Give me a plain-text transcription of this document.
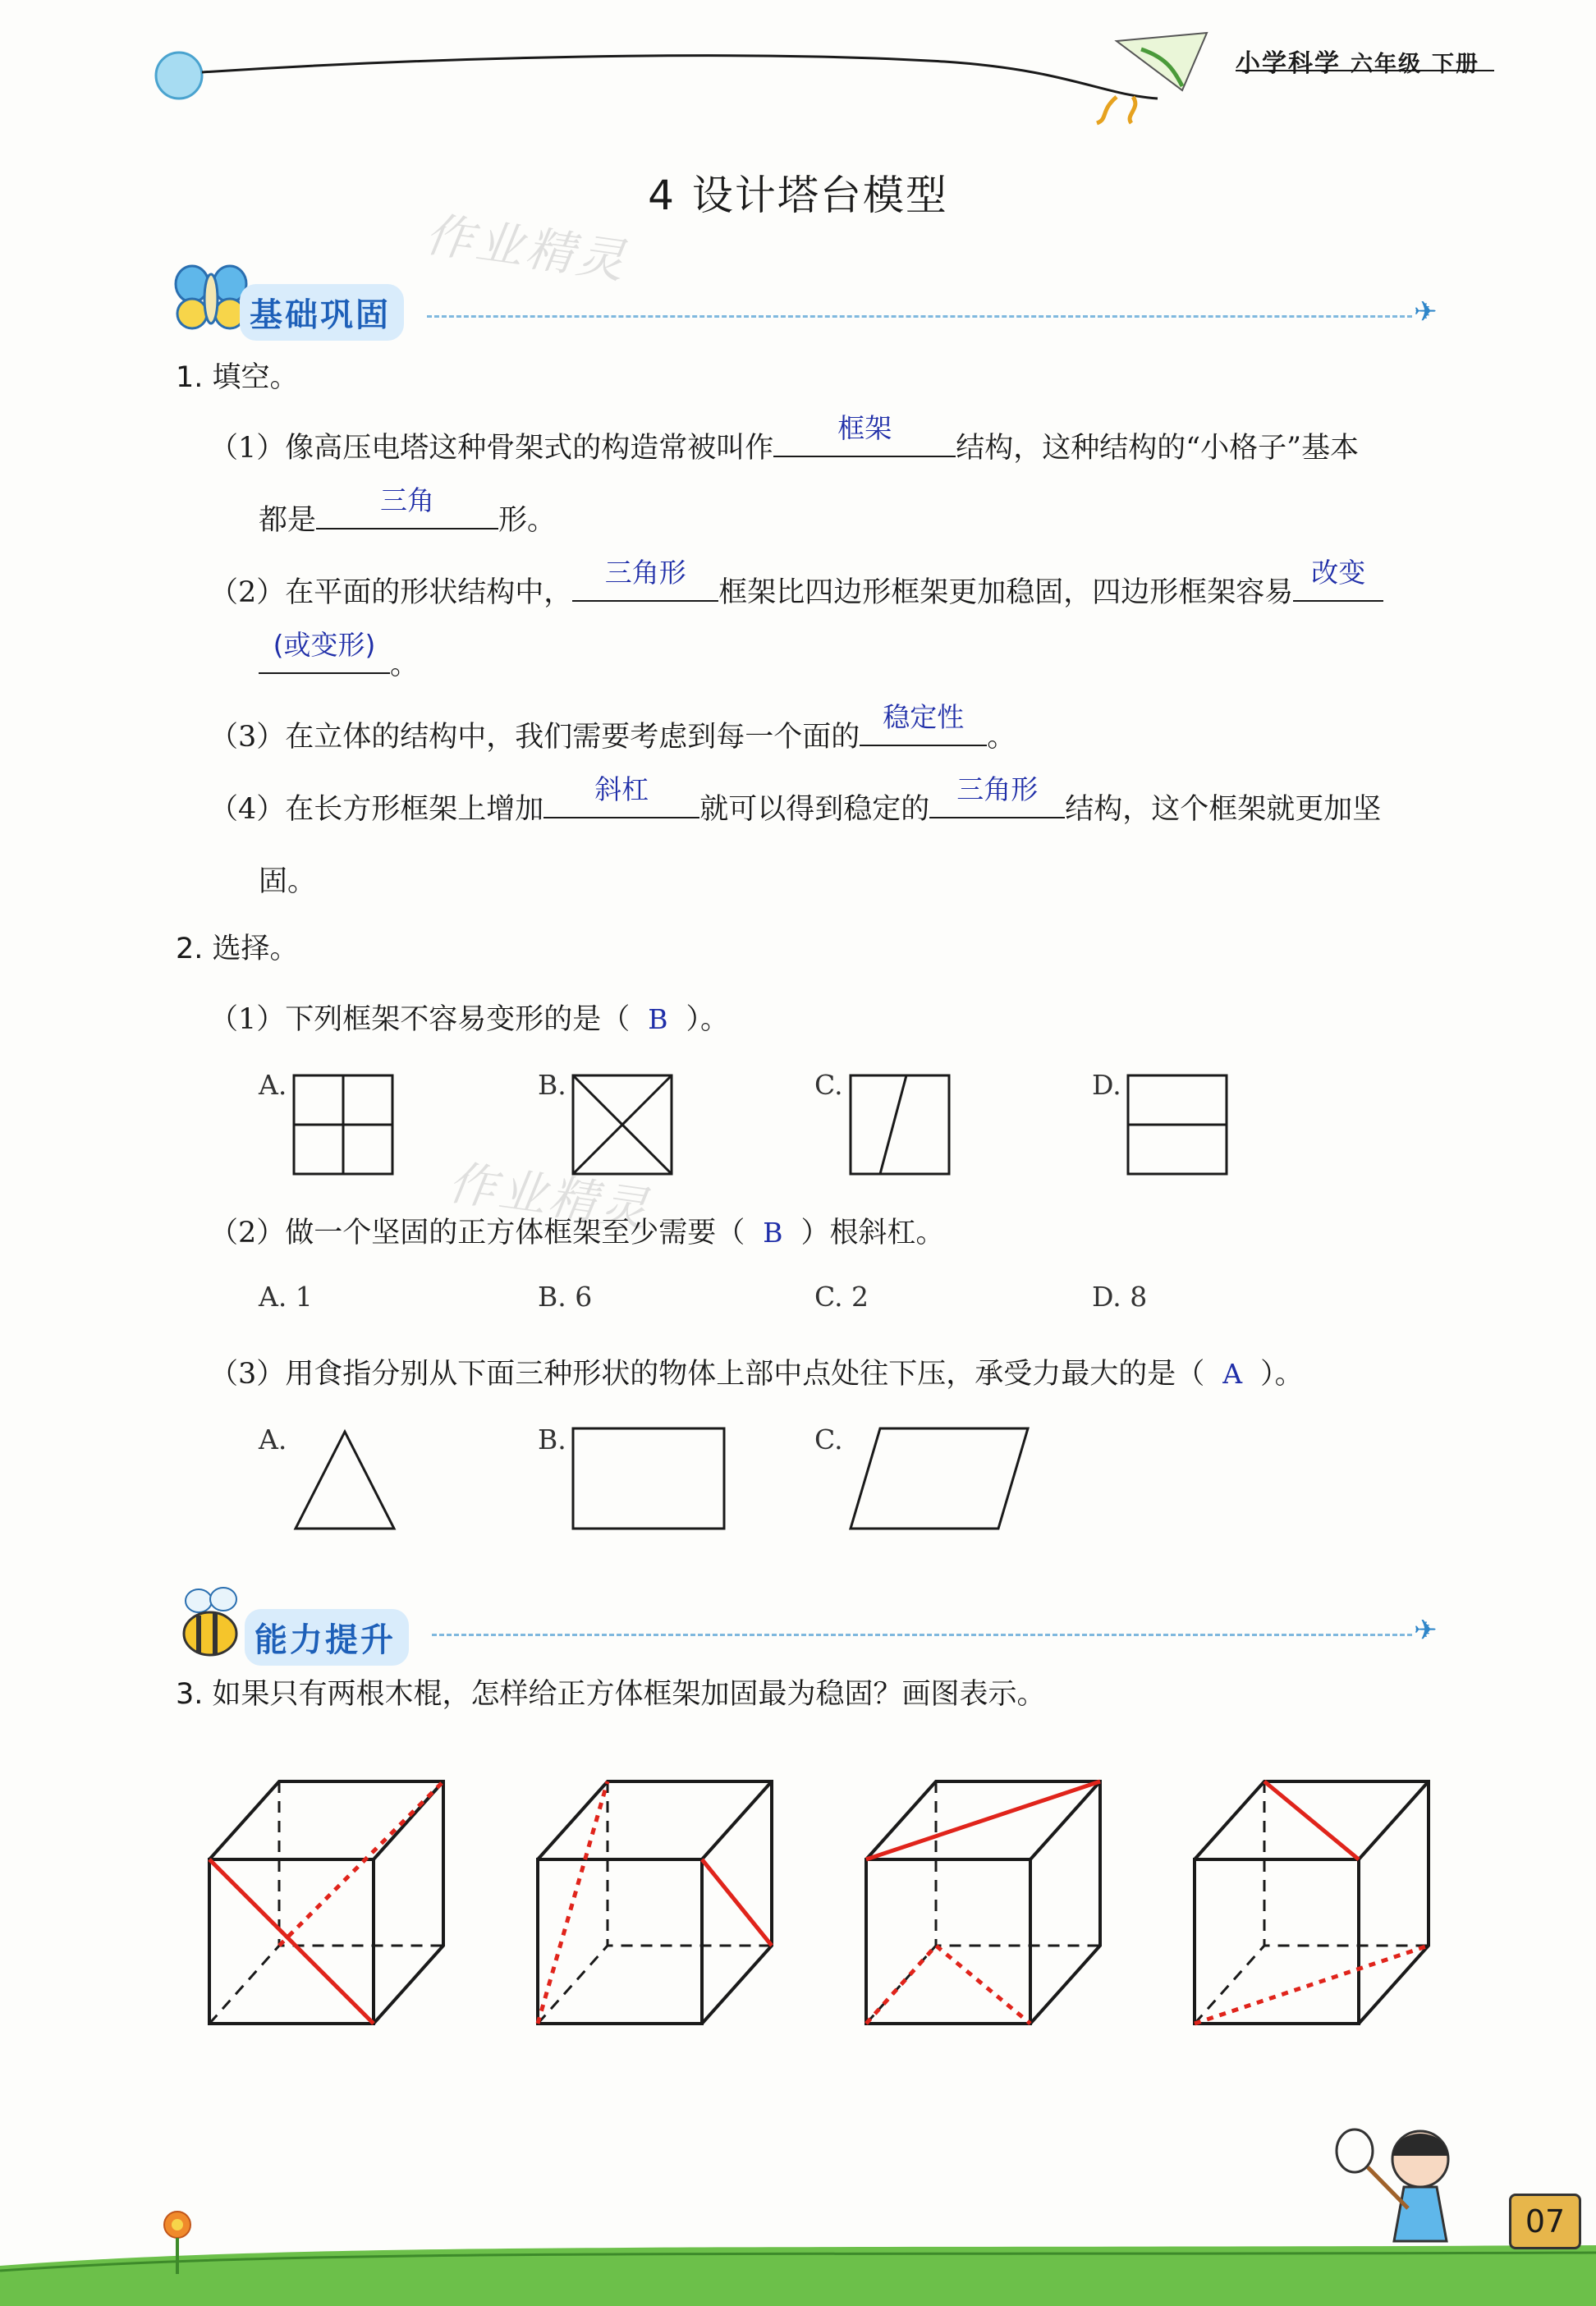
小学科学 六年级 下册
4 设计塔台模型
作业精灵
基础巩固	✈
1. 填空。
（1）像高压电塔这种骨架式的构造常被叫作
框架
结构，这种结构的“小格子”基本
都是
三角
形。
（2）在平面的形状结构中，
三角形
框架比四边形框架更加稳固，四边形框架容易
改变
(或变形)
。
（3）在立体的结构中，我们需要考虑到每一个面的
稳定性
。
（4）在长方形框架上增加
斜杠
就可以得到稳定的
三角形
结构，这个框架就更加坚
固。
2. 选择。
（1）下列框架不容易变形的是（ B ）。
A.	B.	C.	D.
作业精灵
（2）做一个坚固的正方体框架至少需要（ B ）根斜杠。
A. 1	B. 6	C. 2	D. 8
（3）用食指分别从下面三种形状的物体上部中点处往下压，承受力最大的是（ A ）。
A.	B.	C.
能力提升	✈
3. 如果只有两根木棍，怎样给正方体框架加固最为稳固？画图表示。
07
